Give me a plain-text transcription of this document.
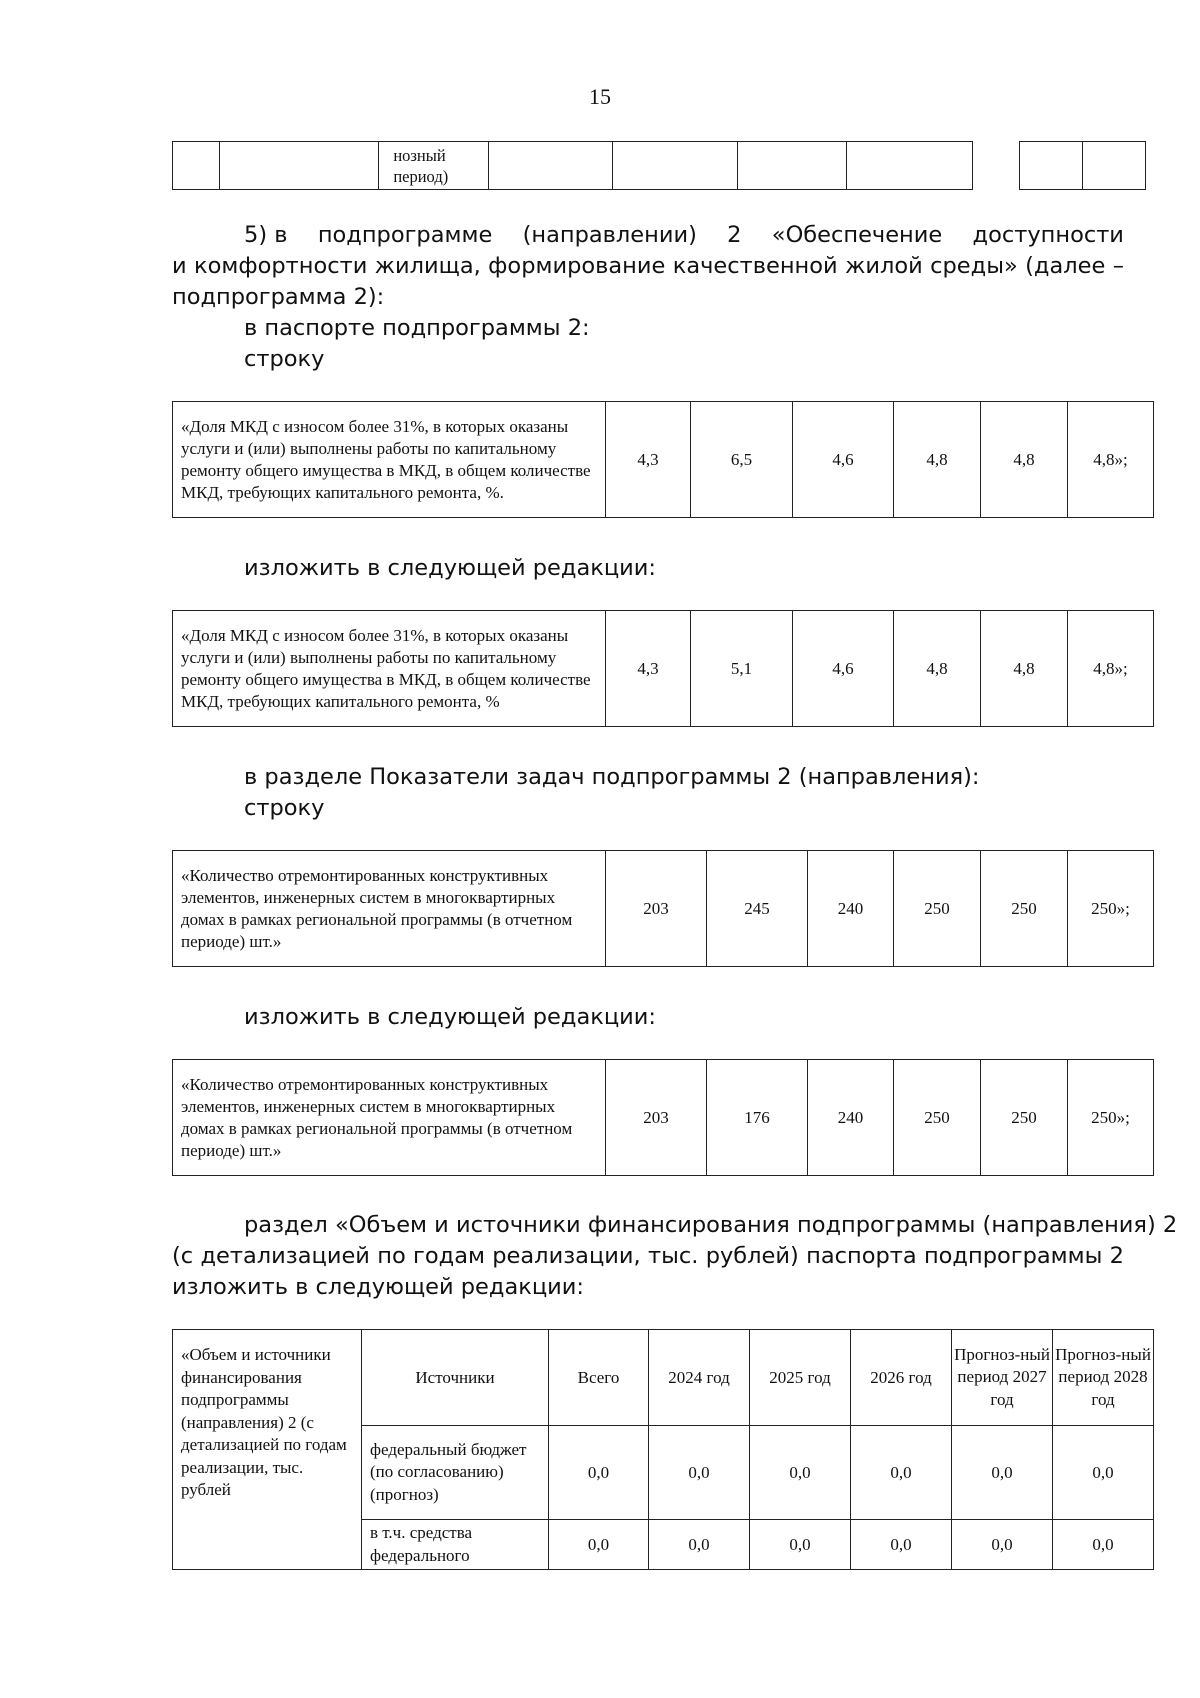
15
		нозный период)							
5) в подпрограмме (направлении) 2 «Обеспечение доступности
и комфортности жилища, формирование качественной жилой среды» (далее –
подпрограмма 2):
в паспорте подпрограммы 2:
строку
«Доля МКД с износом более 31%, в которых оказаны услуги и (или) выполнены работы по капитальному ремонту общего имущества в МКД, в общем количестве МКД, требующих капитального ремонта, %.	4,3	6,5	4,6	4,8	4,8	4,8»;
изложить в следующей редакции:
«Доля МКД с износом более 31%, в которых оказаны услуги и (или) выполнены работы по капитальному ремонту общего имущества в МКД, в общем количестве МКД, требующих капитального ремонта, %	4,3	5,1	4,6	4,8	4,8	4,8»;
в разделе Показатели задач подпрограммы 2 (направления):
строку
«Количество отремонтированных конструктивных элементов, инженерных систем в многоквартирных домах в рамках региональной программы (в отчетном периоде) шт.»	203	245	240	250	250	250»;
изложить в следующей редакции:
«Количество отремонтированных конструктивных элементов, инженерных систем в многоквартирных домах в рамках региональной программы (в отчетном периоде) шт.»	203	176	240	250	250	250»;
раздел «Объем и источники финансирования подпрограммы (направления) 2
(с детализацией по годам реализации, тыс. рублей) паспорта подпрограммы 2
изложить в следующей редакции:
«Объем и источники финансирования подпрограммы (направления) 2 (с детализацией по годам реализации, тыс. рублей	Источники	Всего	2024 год	2025 год	2026 год	Прогноз-ный период 2027 год	Прогноз-ный период 2028 год
	федеральный бюджет (по согласованию) (прогноз)	0,0	0,0	0,0	0,0	0,0	0,0
	в т.ч. средства федерального	0,0	0,0	0,0	0,0	0,0	0,0
